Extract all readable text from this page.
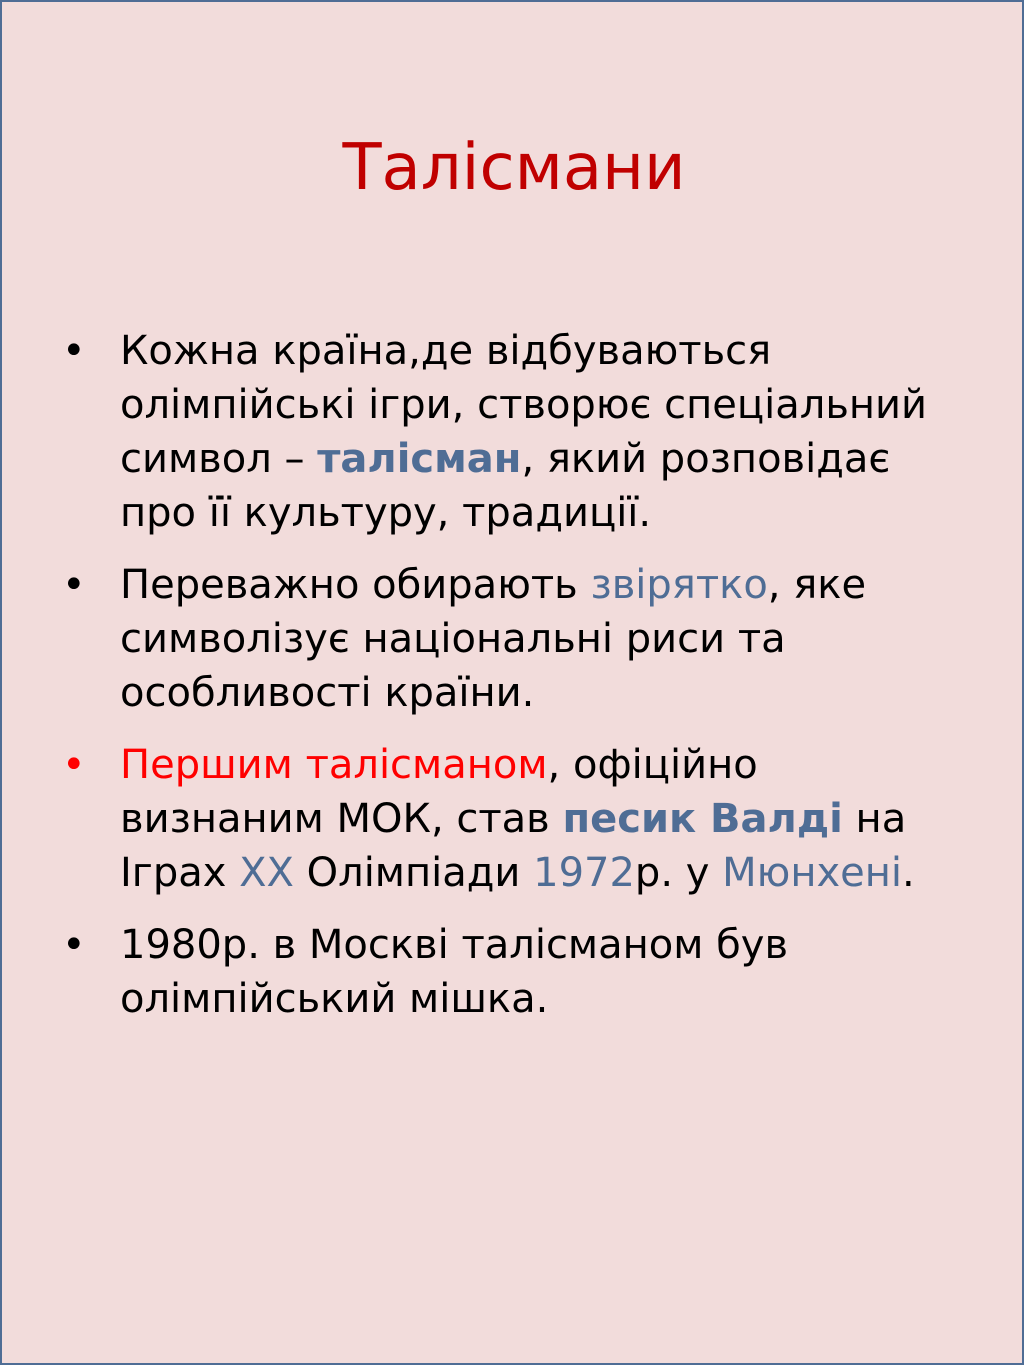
Талісмани
• Кожна країна,де відбуваються олімпійські ігри, створює спеціальний символ – талісман, який розповідає про її культуру, традиції.
• Переважно обирають звірятко, яке символізує національні риси та особливості країни.
• Першим талісманом, офіційно визнаним МОК, став песик Валді на Іграх ХХ Олімпіади 1972р. у Мюнхені.
• 1980р. в Москві талісманом був олімпійський мішка.
